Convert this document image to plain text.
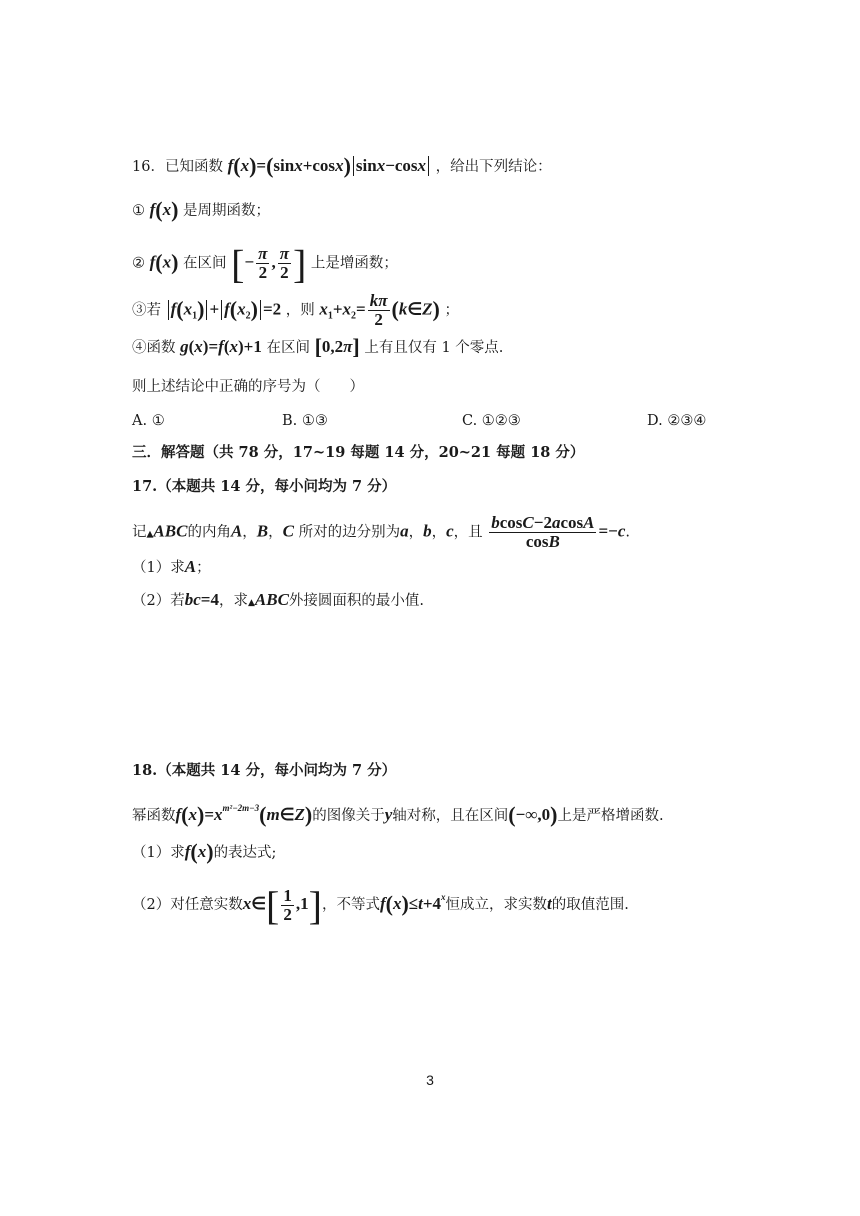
16．已知函数 f(x)=(sinx+cosx) sinx−cosx ，给出下列结论：
① f(x) 是周期函数；
② f(x) 在区间 [− $\frac{\pi}{2}$ , $\frac{\pi}{2}$ ] 上是增函数；
③若 $f(x_1) + f(x_2) =2$ ，则 $x_1+x_2= \frac{k\pi}{2}$ (k∈Z) ；
④函数 g(x)=f(x)+1 在区间 [0,2π] 上有且仅有 1 个零点.
则上述结论中正确的序号为（　　）
A. ①	B. ①③	C. ①②③	D. ②③④
三．解答题（共 78 分，17~19 每题 14 分，20~21 每题 18 分）
17.（本题共 14 分，每小问均为 7 分）
记▲ABC的内角A，B，C 所对的边分别为a，b，c，且 $\frac{bcosC-2acosA}{\cos B} =-c$.
（1）求A；
（2）若bc=4，求▲ABC外接圆面积的最小值.
18.（本题共 14 分，每小问均为 7 分）
幂函数$f(x)=x^{m^2-2m-3}(m\in Z)$的图像关于y轴对称，且在区间(−∞,0)上是严格增函数.
（1）求f(x)的表达式;
（2）对任意实数x∈[ $\frac{1}{2} ,1$]，不等式$f(x)\le t+4^x$恒成立，求实数t的取值范围.
3
